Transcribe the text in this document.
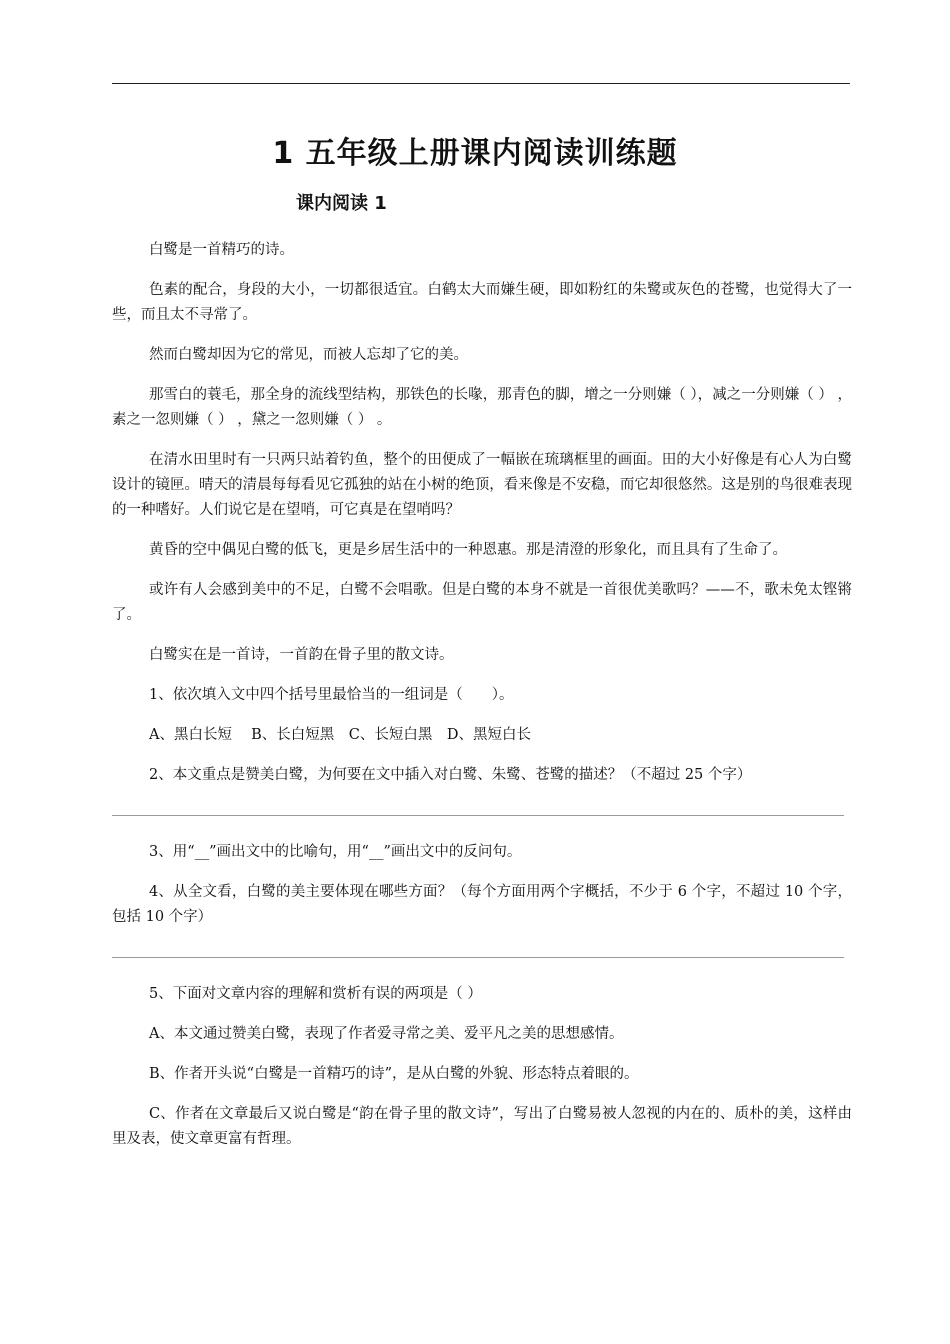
1 五年级上册课内阅读训练题
课内阅读 1

白鹭是一首精巧的诗。

色素的配合，身段的大小，一切都很适宜。白鹤太大而嫌生硬，即如粉红的朱鹭或灰色的苍鹭，也觉得大了一些，而且太不寻常了。

然而白鹭却因为它的常见，而被人忘却了它的美。

那雪白的蓑毛，那全身的流线型结构，那铁色的长喙，那青色的脚，增之一分则嫌（ ），减之一分则嫌（ ） ，素之一忽则嫌（ ） ，黛之一忽则嫌（ ） 。

在清水田里时有一只两只站着钓鱼，整个的田便成了一幅嵌在琉璃框里的画面。田的大小好像是有心人为白鹭设计的镜匣。晴天的清晨每每看见它孤独的站在小树的绝顶，看来像是不安稳，而它却很悠然。这是别的鸟很难表现的一种嗜好。人们说它是在望哨，可它真是在望哨吗？

黄昏的空中偶见白鹭的低飞，更是乡居生活中的一种恩惠。那是清澄的形象化，而且具有了生命了。

或许有人会感到美中的不足，白鹭不会唱歌。但是白鹭的本身不就是一首很优美歌吗？——不，歌未免太铿锵了。

白鹭实在是一首诗，一首韵在骨子里的散文诗。

1、依次填入文中四个括号里最恰当的一组词是（　　）。

A、黑白长短　 B、长白短黑　C、长短白黑　D、黑短白长

2、本文重点是赞美白鹭，为何要在文中插入对白鹭、朱鹭、苍鹭的描述？（不超过 25 个字）

3、用“__”画出文中的比喻句，用“__”画出文中的反问句。

4、从全文看，白鹭的美主要体现在哪些方面？（每个方面用两个字概括，不少于 6 个字，不超过 10 个字，包括 10 个字）

5、下面对文章内容的理解和赏析有误的两项是（ ）

A、本文通过赞美白鹭，表现了作者爱寻常之美、爱平凡之美的思想感情。

B、作者开头说“白鹭是一首精巧的诗”，是从白鹭的外貌、形态特点着眼的。

C、作者在文章最后又说白鹭是“韵在骨子里的散文诗”，写出了白鹭易被人忽视的内在的、质朴的美，这样由里及表，使文章更富有哲理。
